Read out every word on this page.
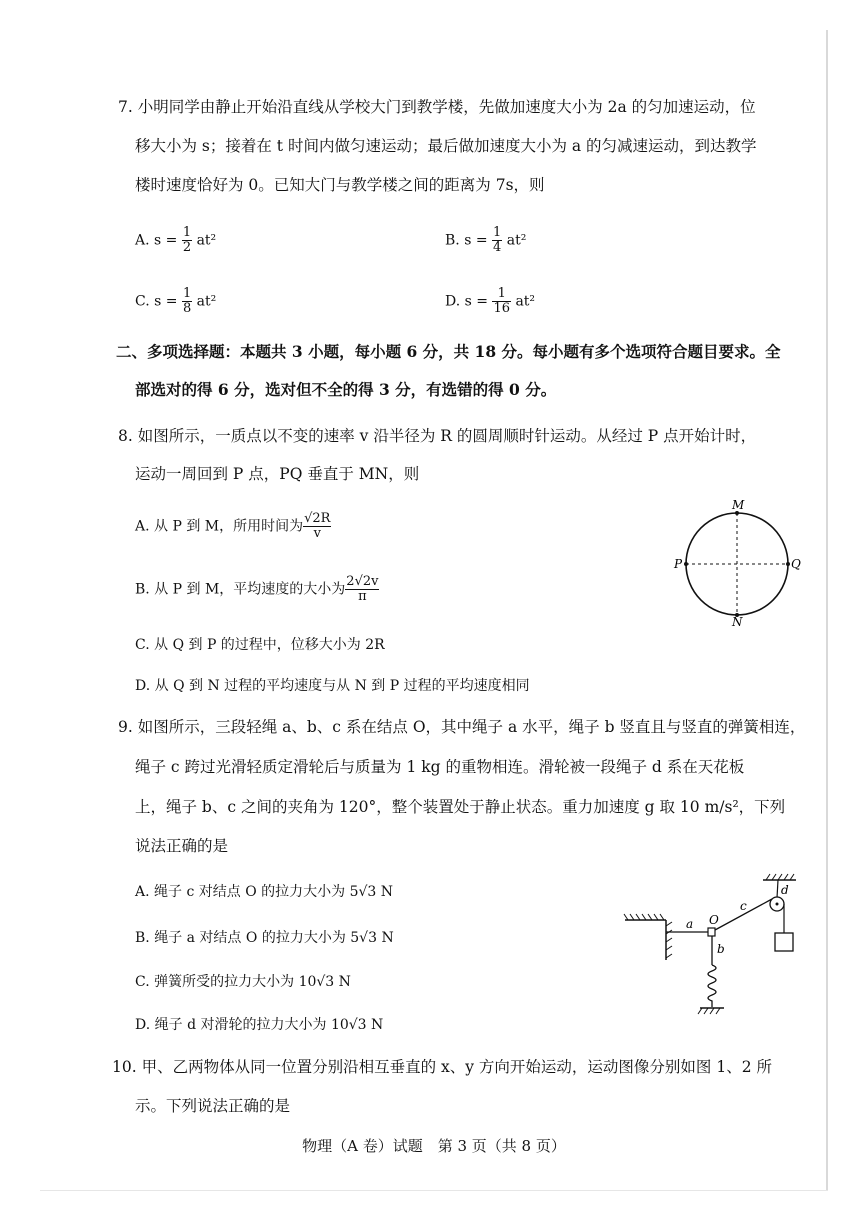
7. 小明同学由静止开始沿直线从学校大门到教学楼，先做加速度大小为 2a 的匀加速运动，位
移大小为 s；接着在 t 时间内做匀速运动；最后做加速度大小为 a 的匀减速运动，到达教学
楼时速度恰好为 0。已知大门与教学楼之间的距离为 7s，则
A. $s = \frac{1}{2} at^2$	B. $s = \frac{1}{4} at^2$
C. $s = \frac{1}{8} at^2$	D. $s = \frac{1}{16} at^2$
二、多项选择题：本题共 3 小题，每小题 6 分，共 18 分。每小题有多个选项符合题目要求。全
部选对的得 6 分，选对但不全的得 3 分，有选错的得 0 分。
8. 如图所示，一质点以不变的速率 v 沿半径为 R 的圆周顺时针运动。从经过 P 点开始计时，
运动一周回到 P 点，PQ 垂直于 MN，则
A. 从 P 到 M，所用时间为 $\frac{√2R}{v}$
B. 从 P 到 M，平均速度的大小为 $\frac{2√2v}{\pi}$
C. 从 Q 到 P 的过程中，位移大小为 2R
D. 从 Q 到 N 过程的平均速度与从 N 到 P 过程的平均速度相同
M
N
P	Q
9. 如图所示，三段轻绳 a、b、c 系在结点 O，其中绳子 a 水平，绳子 b 竖直且与竖直的弹簧相连，
绳子 c 跨过光滑轻质定滑轮后与质量为 1 kg 的重物相连。滑轮被一段绳子 d 系在天花板
上，绳子 b、c 之间的夹角为 120°，整个装置处于静止状态。重力加速度 g 取 10 m/s²，下列
说法正确的是
A. 绳子 c 对结点 O 的拉力大小为 5√3 N
B. 绳子 a 对结点 O 的拉力大小为 5√3 N
C. 弹簧所受的拉力大小为 10√3 N
D. 绳子 d 对滑轮的拉力大小为 10√3 N
a O
c
d
b
10. 甲、乙两物体从同一位置分别沿相互垂直的 x、y 方向开始运动，运动图像分别如图 1、2 所
示。下列说法正确的是
物理（A 卷）试题　第 3 页（共 8 页）
